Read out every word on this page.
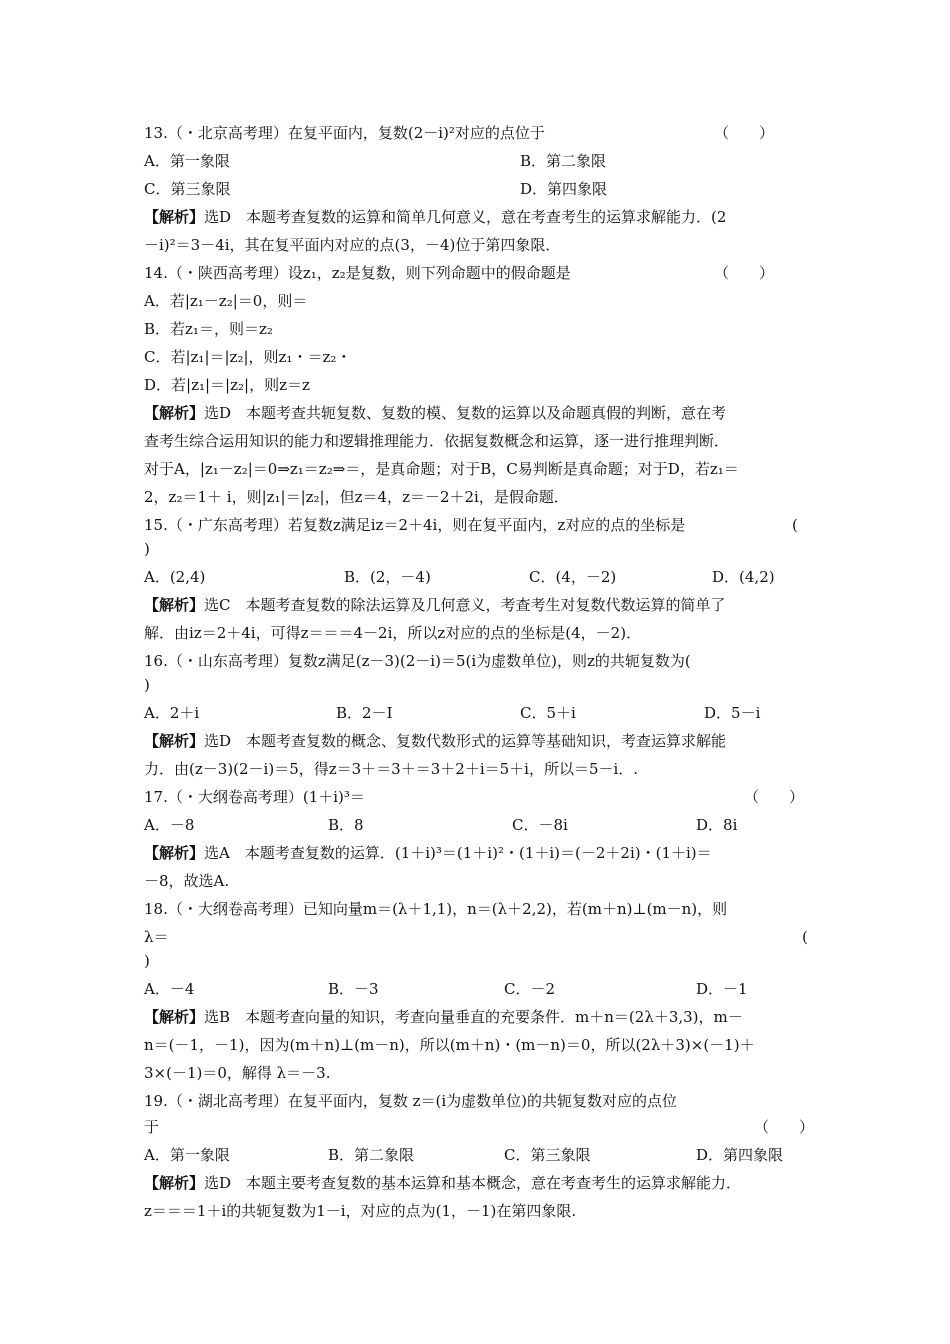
13.（・北京高考理）在复平面内，复数(2－i)²对应的点位于	（　　）
A．第一象限	B．第二象限
C．第三象限	D．第四象限
【解析】选D　本题考查复数的运算和简单几何意义，意在考查考生的运算求解能力．(2
－i)²＝3－4i，其在复平面内对应的点(3，－4)位于第四象限．
14.（・陕西高考理）设z₁，z₂是复数，则下列命题中的假命题是	（　　）
A．若|z₁－z₂|＝0，则＝
B．若z₁＝，则＝z₂
C．若|z₁|＝|z₂|，则z₁・＝z₂・
D．若|z₁|＝|z₂|，则z＝z
【解析】选D　本题考查共轭复数、复数的模、复数的运算以及命题真假的判断，意在考
查考生综合运用知识的能力和逻辑推理能力．依据复数概念和运算，逐一进行推理判断．
对于A，|z₁－z₂|＝0⇒z₁＝z₂⇒＝，是真命题；对于B，C易判断是真命题；对于D，若z₁＝
2，z₂＝1＋ i，则|z₁|＝|z₂|，但z＝4，z＝－2＋2i，是假命题．
15.（・广东高考理）若复数z满足iz＝2＋4i，则在复平面内，z对应的点的坐标是	(
)
A．(2,4)	B．(2，－4)	C．(4，－2)	D．(4,2)
【解析】选C　本题考查复数的除法运算及几何意义，考查考生对复数代数运算的简单了
解．由iz＝2＋4i，可得z＝＝＝4－2i，所以z对应的点的坐标是(4，－2)．
16.（・山东高考理）复数z满足(z－3)(2－i)＝5(i为虚数单位)，则z的共轭复数为(
)
A．2＋i	B．2－I	C．5＋i	D．5－i
【解析】选D　本题考查复数的概念、复数代数形式的运算等基础知识，考查运算求解能
力．由(z－3)(2－i)＝5，得z＝3＋＝3＋＝3＋2＋i＝5＋i，所以＝5－i．.
17.（・大纲卷高考理）(1＋i)³＝	（　　）
A．－8	B．8	C．－8i	D．8i
【解析】选A　本题考查复数的运算．(1＋i)³＝(1＋i)²・(1＋i)＝(－2＋2i)・(1＋i)＝
－8，故选A.
18.（・大纲卷高考理）已知向量m＝(λ＋1,1)，n＝(λ＋2,2)，若(m＋n)⊥(m－n)，则
λ＝	(
)
A．－4	B．－3	C．－2	D．－1
【解析】选B　本题考查向量的知识，考查向量垂直的充要条件．m＋n＝(2λ＋3,3)，m－
n＝(－1，－1)，因为(m＋n)⊥(m－n)，所以(m＋n)・(m－n)＝0，所以(2λ＋3)×(－1)＋
3×(－1)＝0，解得 λ＝－3.
19.（・湖北高考理）在复平面内，复数 z＝(i为虚数单位)的共轭复数对应的点位
于	（　　）
A．第一象限	B．第二象限	C．第三象限	D．第四象限
【解析】选D　本题主要考查复数的基本运算和基本概念，意在考查考生的运算求解能力．
z＝＝＝1＋i的共轭复数为1－i，对应的点为(1，－1)在第四象限.
